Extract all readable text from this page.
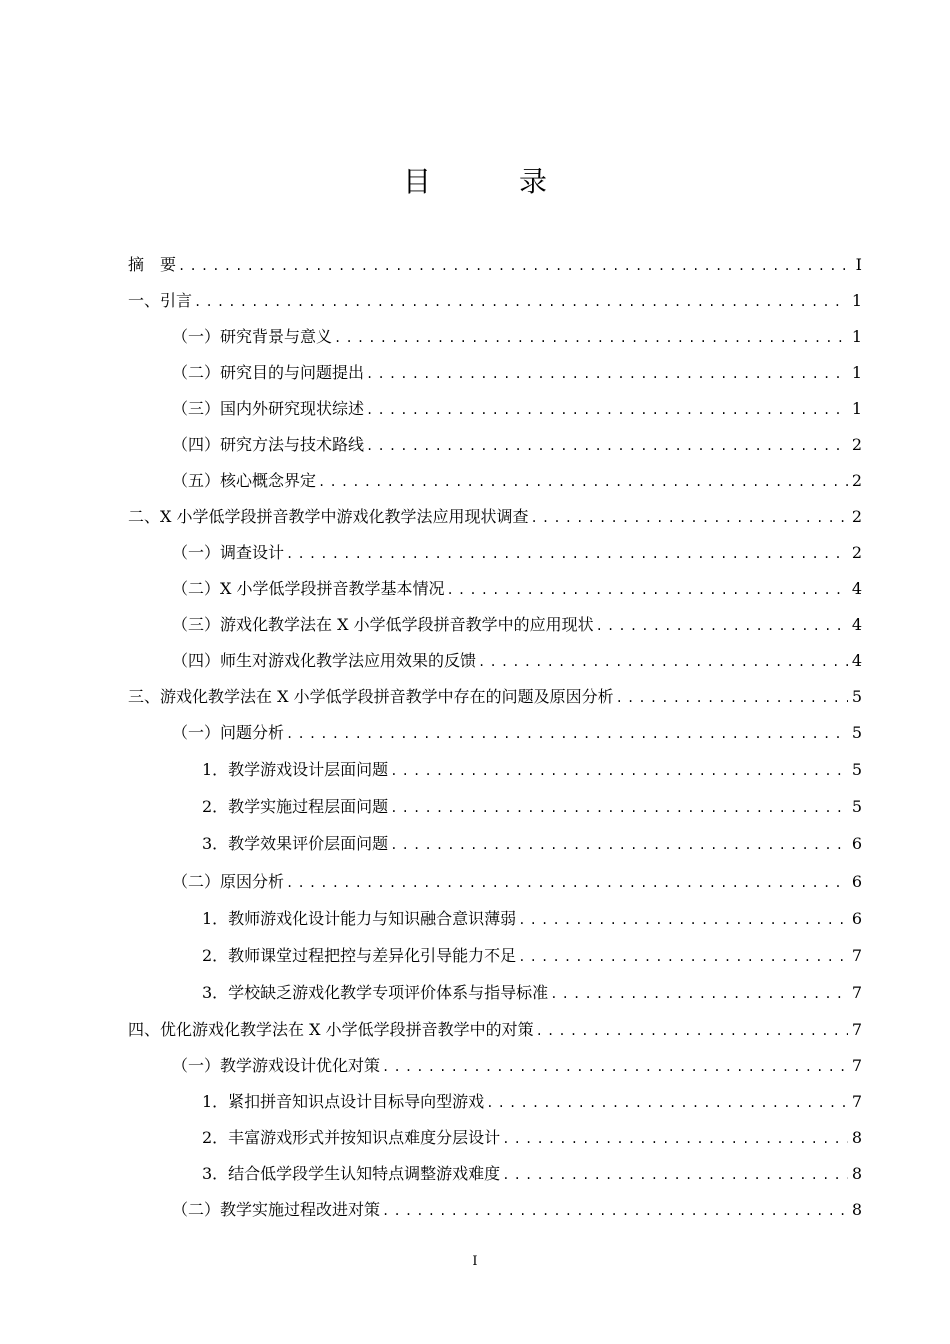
目　录
摘　要 .....	I
一、引言 .....	1
（一）研究背景与意义 .....	1
（二）研究目的与问题提出 .....	1
（三）国内外研究现状综述 .....	1
（四）研究方法与技术路线 .....	2
（五）核心概念界定 .....	2
二、X 小学低学段拼音教学中游戏化教学法应用现状调查 .....	2
（一）调查设计 .....	2
（二）X 小学低学段拼音教学基本情况 .....	4
（三）游戏化教学法在 X 小学低学段拼音教学中的应用现状 .....	4
（四）师生对游戏化教学法应用效果的反馈 .....	4
三、游戏化教学法在 X 小学低学段拼音教学中存在的问题及原因分析 .....	5
（一）问题分析 .....	5
1．教学游戏设计层面问题 .....	5
2．教学实施过程层面问题 .....	5
3．教学效果评价层面问题 .....	6
（二）原因分析 .....	6
1．教师游戏化设计能力与知识融合意识薄弱 .....	6
2．教师课堂过程把控与差异化引导能力不足 .....	7
3．学校缺乏游戏化教学专项评价体系与指导标准 .....	7
四、优化游戏化教学法在 X 小学低学段拼音教学中的对策 .....	7
（一）教学游戏设计优化对策 .....	7
1．紧扣拼音知识点设计目标导向型游戏 .....	7
2．丰富游戏形式并按知识点难度分层设计 .....	8
3．结合低学段学生认知特点调整游戏难度 .....	8
（二）教学实施过程改进对策 .....	8
I
